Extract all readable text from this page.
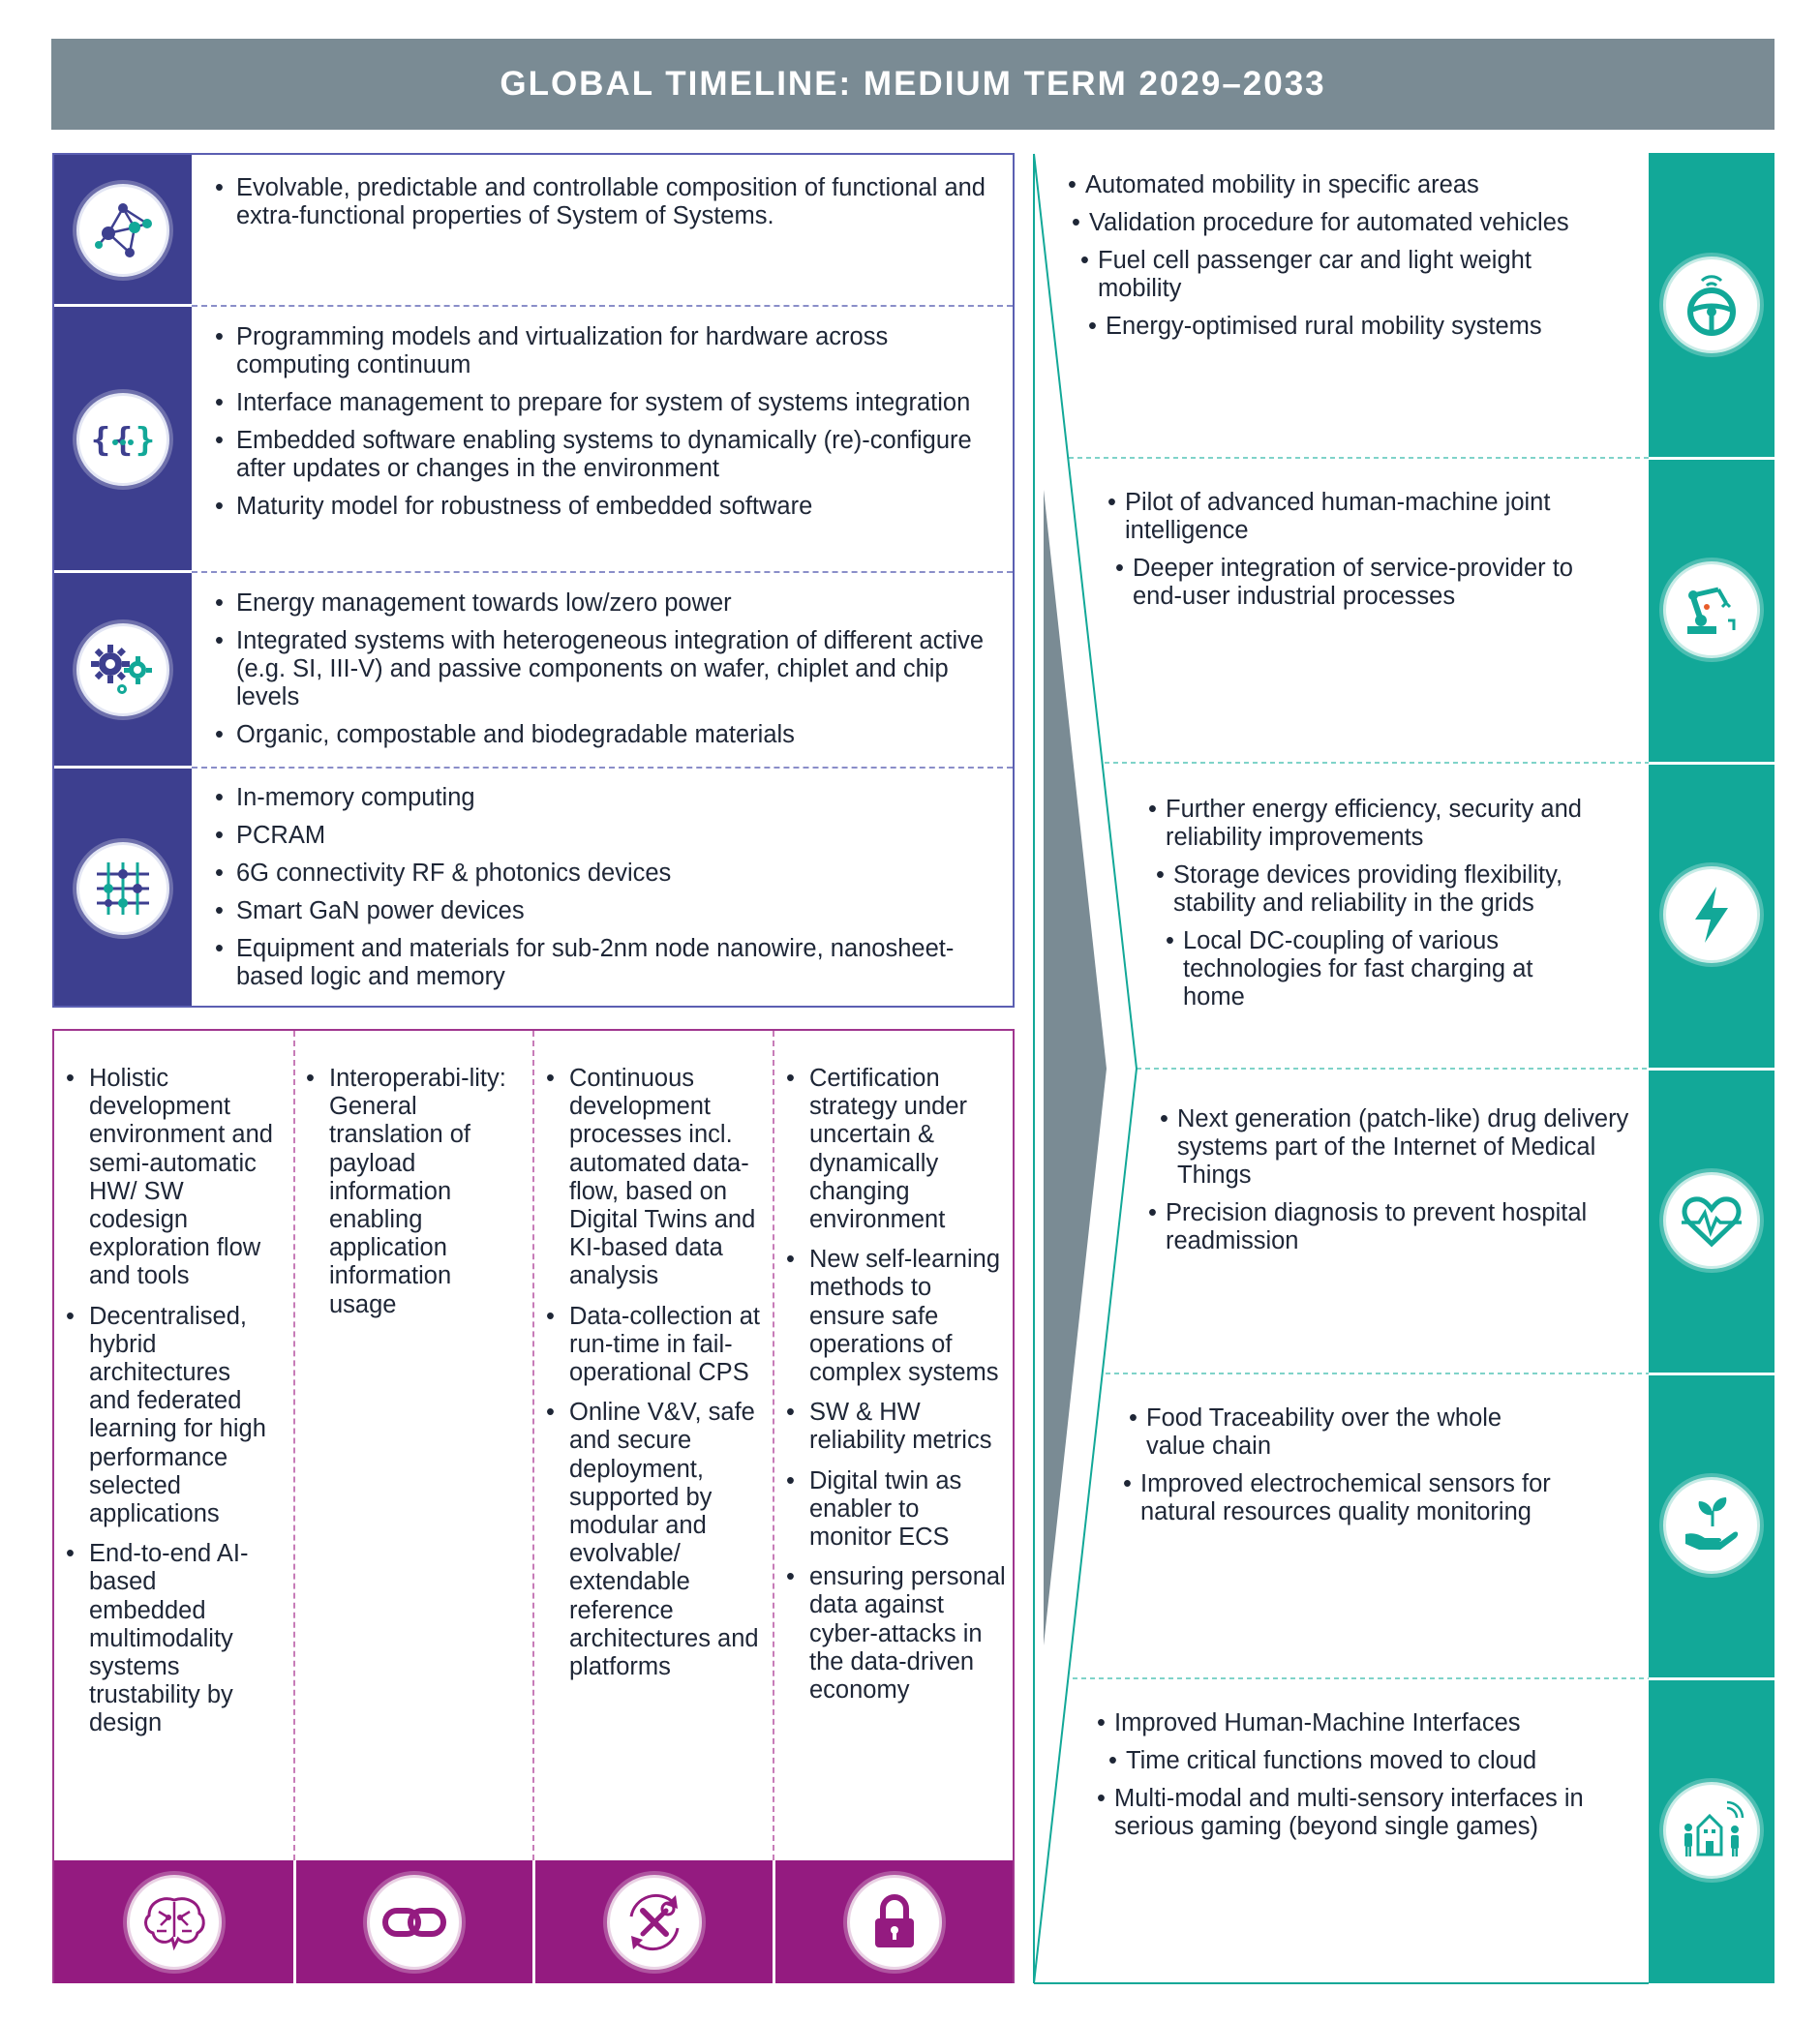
GLOBAL TIMELINE: MEDIUM TERM 2029–2033
• Evolvable, predictable and controllable composition of functional and extra-functional properties of System of Systems.
{ }
• Programming models and virtualization for hardware across computing continuum
• Interface management to prepare for system of systems integration
• Embedded software enabling systems to dynamically (re)-configure after updates or changes in the environment
• Maturity model for robustness of embedded software
• Energy management towards low/zero power
• Integrated systems with heterogeneous integration of different active (e.g. SI, III-V) and passive components on wafer, chiplet and chip levels
• Organic, compostable and biodegradable materials
• In-memory computing
• PCRAM
• 6G connectivity RF & photonics devices
• Smart GaN power devices
• Equipment and materials for sub-2nm node nanowire, nanosheet-based logic and memory
• Holistic development environment and semi-automatic HW/ SW codesign exploration flow and tools
• Decentralised, hybrid architectures and federated learning for high performance selected applications
• End-to-end AI-based embedded multimodality systems trustability by design
• Interoperabi-lity: General translation of payload information enabling application information usage
• Continuous development processes incl. automated data-flow, based on Digital Twins and KI-based data analysis
• Data-collection at run-time in fail-operational CPS
• Online V&V, safe and secure deployment, supported by modular and evolvable/ extendable reference architectures and platforms
• Certification strategy under uncertain & dynamically changing environment
• New self-learning methods to ensure safe operations of complex systems
• SW & HW reliability metrics
• Digital twin as enabler to monitor ECS
• ensuring personal data against cyber-attacks in the data-driven economy

• Automated mobility in specific areas

• Validation procedure for automated vehicles

• Fuel cell passenger car and light weight mobility

• Energy-optimised rural mobility systems

• Pilot of advanced human-machine joint intelligence

• Deeper integration of service-provider to end-user industrial processes

• Further energy efficiency, security and reliability improvements

• Storage devices providing flexibility, stability and reliability in the grids

• Local DC-coupling of various technologies for fast charging at home

• Next generation (patch-like) drug delivery systems part of the Internet of Medical Things

• Precision diagnosis to prevent hospital readmission

• Food Traceability over the whole value chain

• Improved electrochemical sensors for natural resources quality monitoring

• Improved Human-Machine Interfaces

• Time critical functions moved to cloud

• Multi-modal and multi-sensory interfaces in serious gaming (beyond single games)
